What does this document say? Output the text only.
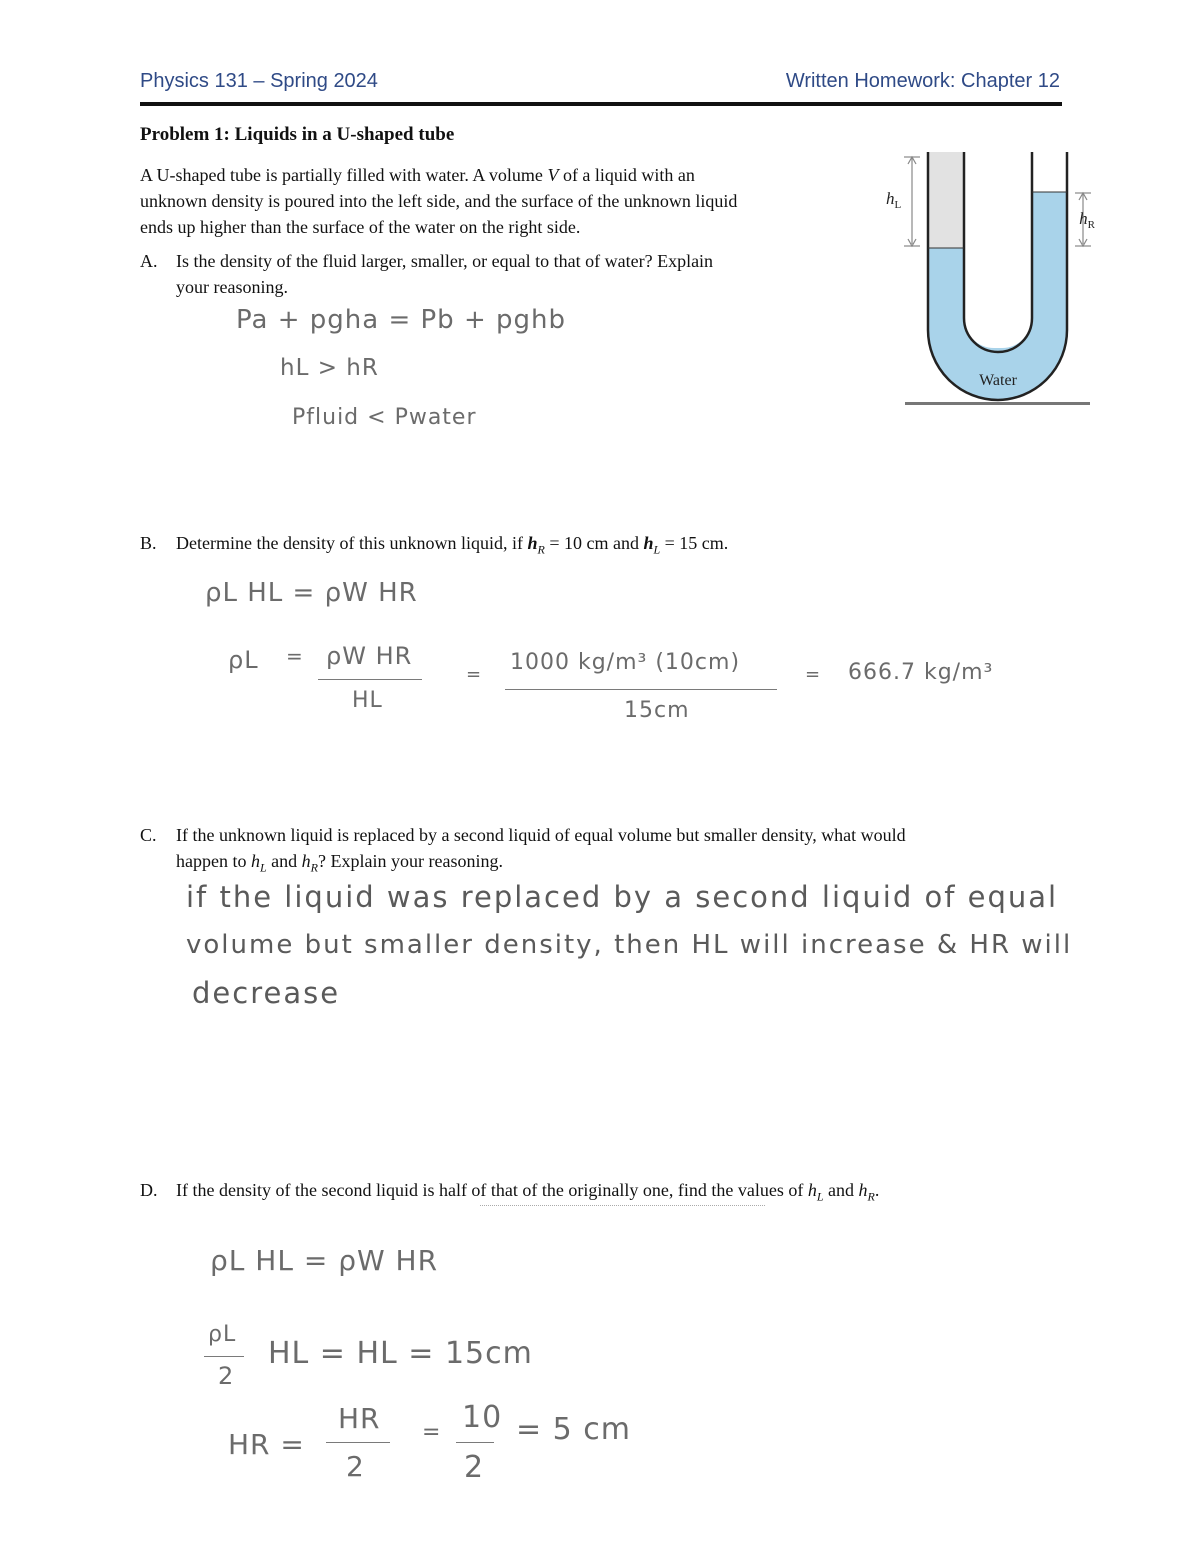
Physics 131 – Spring 2024	Written Homework: Chapter 12
Problem 1: Liquids in a U-shaped tube
A U-shaped tube is partially filled with water. A volume V of a liquid with an
unknown density is poured into the left side, and the surface of the unknown liquid
ends up higher than the surface of the water on the right side.
$h_L$
$h_R$
Water
A. Is the density of the fluid larger, smaller, or equal to that of water? Explain
your reasoning.
Pa + pgha = Pb + pghb
hL > hR
Pfluid < Pwater
B. Determine the density of this unknown liquid, if $h_R = 10$ cm and $h_L = 15$ cm.
ρL HL = ρW HR
ρL = ρW HR
HL
= 1000 kg/m³ (10cm)
15cm
= 666.7 kg/m³
C. If the unknown liquid is replaced by a second liquid of equal volume but smaller density, what would
happen to $h_L$ and $h_R$? Explain your reasoning.
if the liquid was replaced by a second liquid of equal
volume but smaller density, then HL will increase & HR will
decrease
D. If the density of the second liquid is half of that of the originally one, find the values of $h_L$ and $h_R$.
ρL HL = ρW HR
ρL
2
HL = HL = 15cm
HR =
HR
2
= 10
2
= 5 cm
